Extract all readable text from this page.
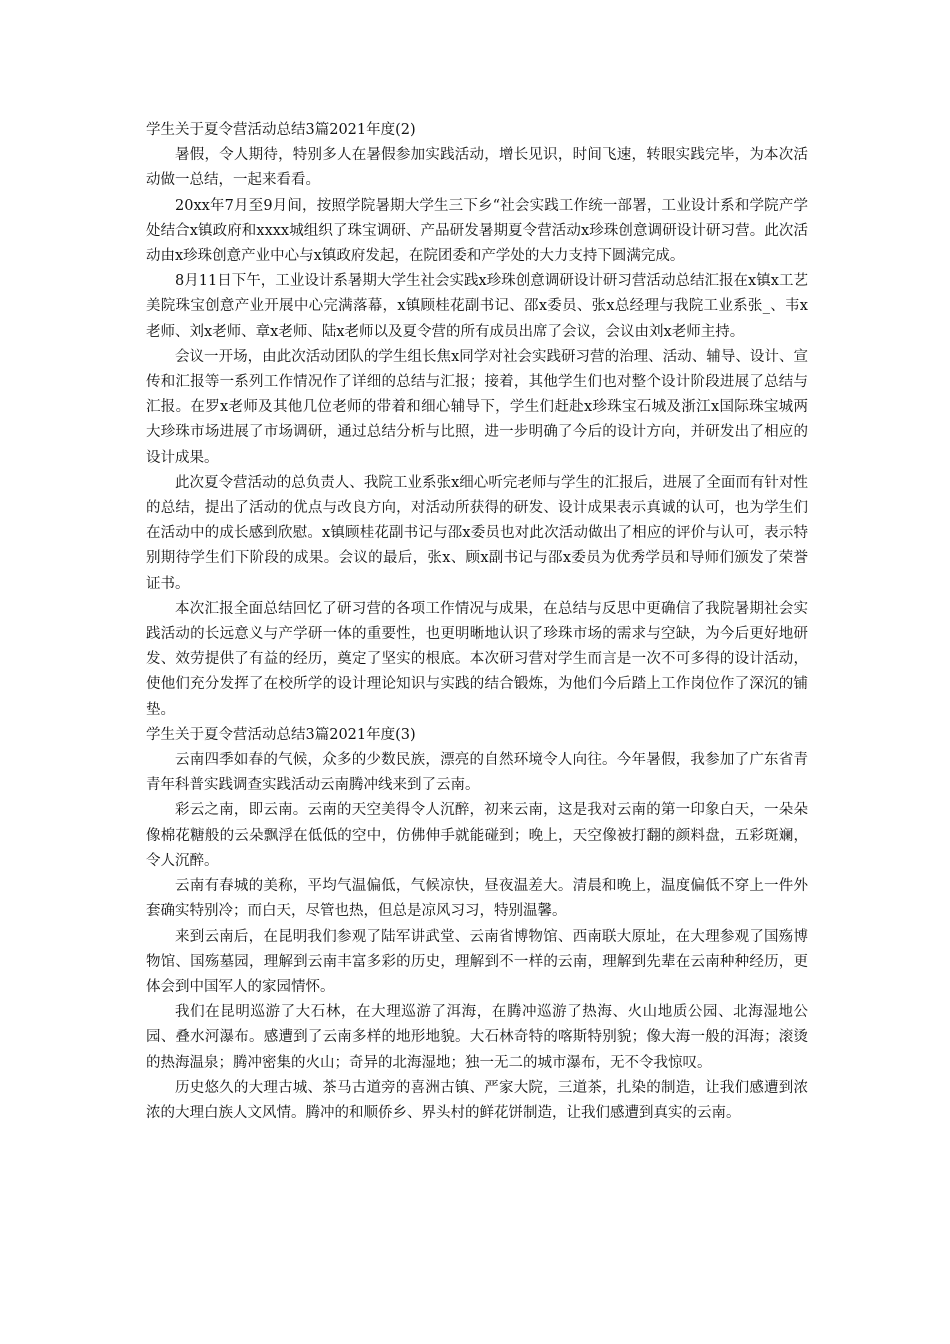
学生关于夏令营活动总结3篇2021年度(2)

暑假，令人期待，特别多人在暑假参加实践活动，增长见识，时间飞速，转眼实践完毕，为本次活动做一总结，一起来看看。

20xx年7月至9月间，按照学院暑期大学生三下乡“社会实践工作统一部署，工业设计系和学院产学处结合x镇政府和xxxx城组织了珠宝调研、产品研发暑期夏令营活动x珍珠创意调研设计研习营。此次活动由x珍珠创意产业中心与x镇政府发起，在院团委和产学处的大力支持下圆满完成。

8月11日下午，工业设计系暑期大学生社会实践x珍珠创意调研设计研习营活动总结汇报在x镇x工艺美院珠宝创意产业开展中心完满落幕，x镇顾桂花副书记、邵x委员、张x总经理与我院工业系张_、韦x老师、刘x老师、章x老师、陆x老师以及夏令营的所有成员出席了会议，会议由刘x老师主持。

会议一开场，由此次活动团队的学生组长焦x同学对社会实践研习营的治理、活动、辅导、设计、宣传和汇报等一系列工作情况作了详细的总结与汇报；接着，其他学生们也对整个设计阶段进展了总结与汇报。在罗x老师及其他几位老师的带着和细心辅导下，学生们赶赴x珍珠宝石城及浙江x国际珠宝城两大珍珠市场进展了市场调研，通过总结分析与比照，进一步明确了今后的设计方向，并研发出了相应的设计成果。

此次夏令营活动的总负责人、我院工业系张x细心听完老师与学生的汇报后，进展了全面而有针对性的总结，提出了活动的优点与改良方向，对活动所获得的研发、设计成果表示真诚的认可，也为学生们在活动中的成长感到欣慰。x镇顾桂花副书记与邵x委员也对此次活动做出了相应的评价与认可，表示特别期待学生们下阶段的成果。会议的最后，张x、顾x副书记与邵x委员为优秀学员和导师们颁发了荣誉证书。

本次汇报全面总结回忆了研习营的各项工作情况与成果，在总结与反思中更确信了我院暑期社会实践活动的长远意义与产学研一体的重要性，也更明晰地认识了珍珠市场的需求与空缺，为今后更好地研发、效劳提供了有益的经历，奠定了坚实的根底。本次研习营对学生而言是一次不可多得的设计活动，使他们充分发挥了在校所学的设计理论知识与实践的结合锻炼，为他们今后踏上工作岗位作了深沉的铺垫。

学生关于夏令营活动总结3篇2021年度(3)

云南四季如春的气候，众多的少数民族，漂亮的自然环境令人向往。今年暑假，我参加了广东省青青年科普实践调查实践活动云南腾冲线来到了云南。

彩云之南，即云南。云南的天空美得令人沉醉，初来云南，这是我对云南的第一印象白天，一朵朵像棉花糖般的云朵飘浮在低低的空中，仿佛伸手就能碰到；晚上，天空像被打翻的颜料盘，五彩斑斓，令人沉醉。

云南有春城的美称，平均气温偏低，气候凉快，昼夜温差大。清晨和晚上，温度偏低不穿上一件外套确实特别冷；而白天，尽管也热，但总是凉风习习，特别温馨。

来到云南后，在昆明我们参观了陆军讲武堂、云南省博物馆、西南联大原址，在大理参观了国殇博物馆、国殇墓园，理解到云南丰富多彩的历史，理解到不一样的云南，理解到先辈在云南种种经历，更体会到中国军人的家园情怀。

我们在昆明巡游了大石林，在大理巡游了洱海，在腾冲巡游了热海、火山地质公园、北海湿地公园、叠水河瀑布。感遭到了云南多样的地形地貌。大石林奇特的喀斯特别貌；像大海一般的洱海；滚烫的热海温泉；腾冲密集的火山；奇异的北海湿地；独一无二的城市瀑布，无不令我惊叹。

历史悠久的大理古城、茶马古道旁的喜洲古镇、严家大院，三道茶，扎染的制造，让我们感遭到浓浓的大理白族人文风情。腾冲的和顺侨乡、界头村的鲜花饼制造，让我们感遭到真实的云南。
